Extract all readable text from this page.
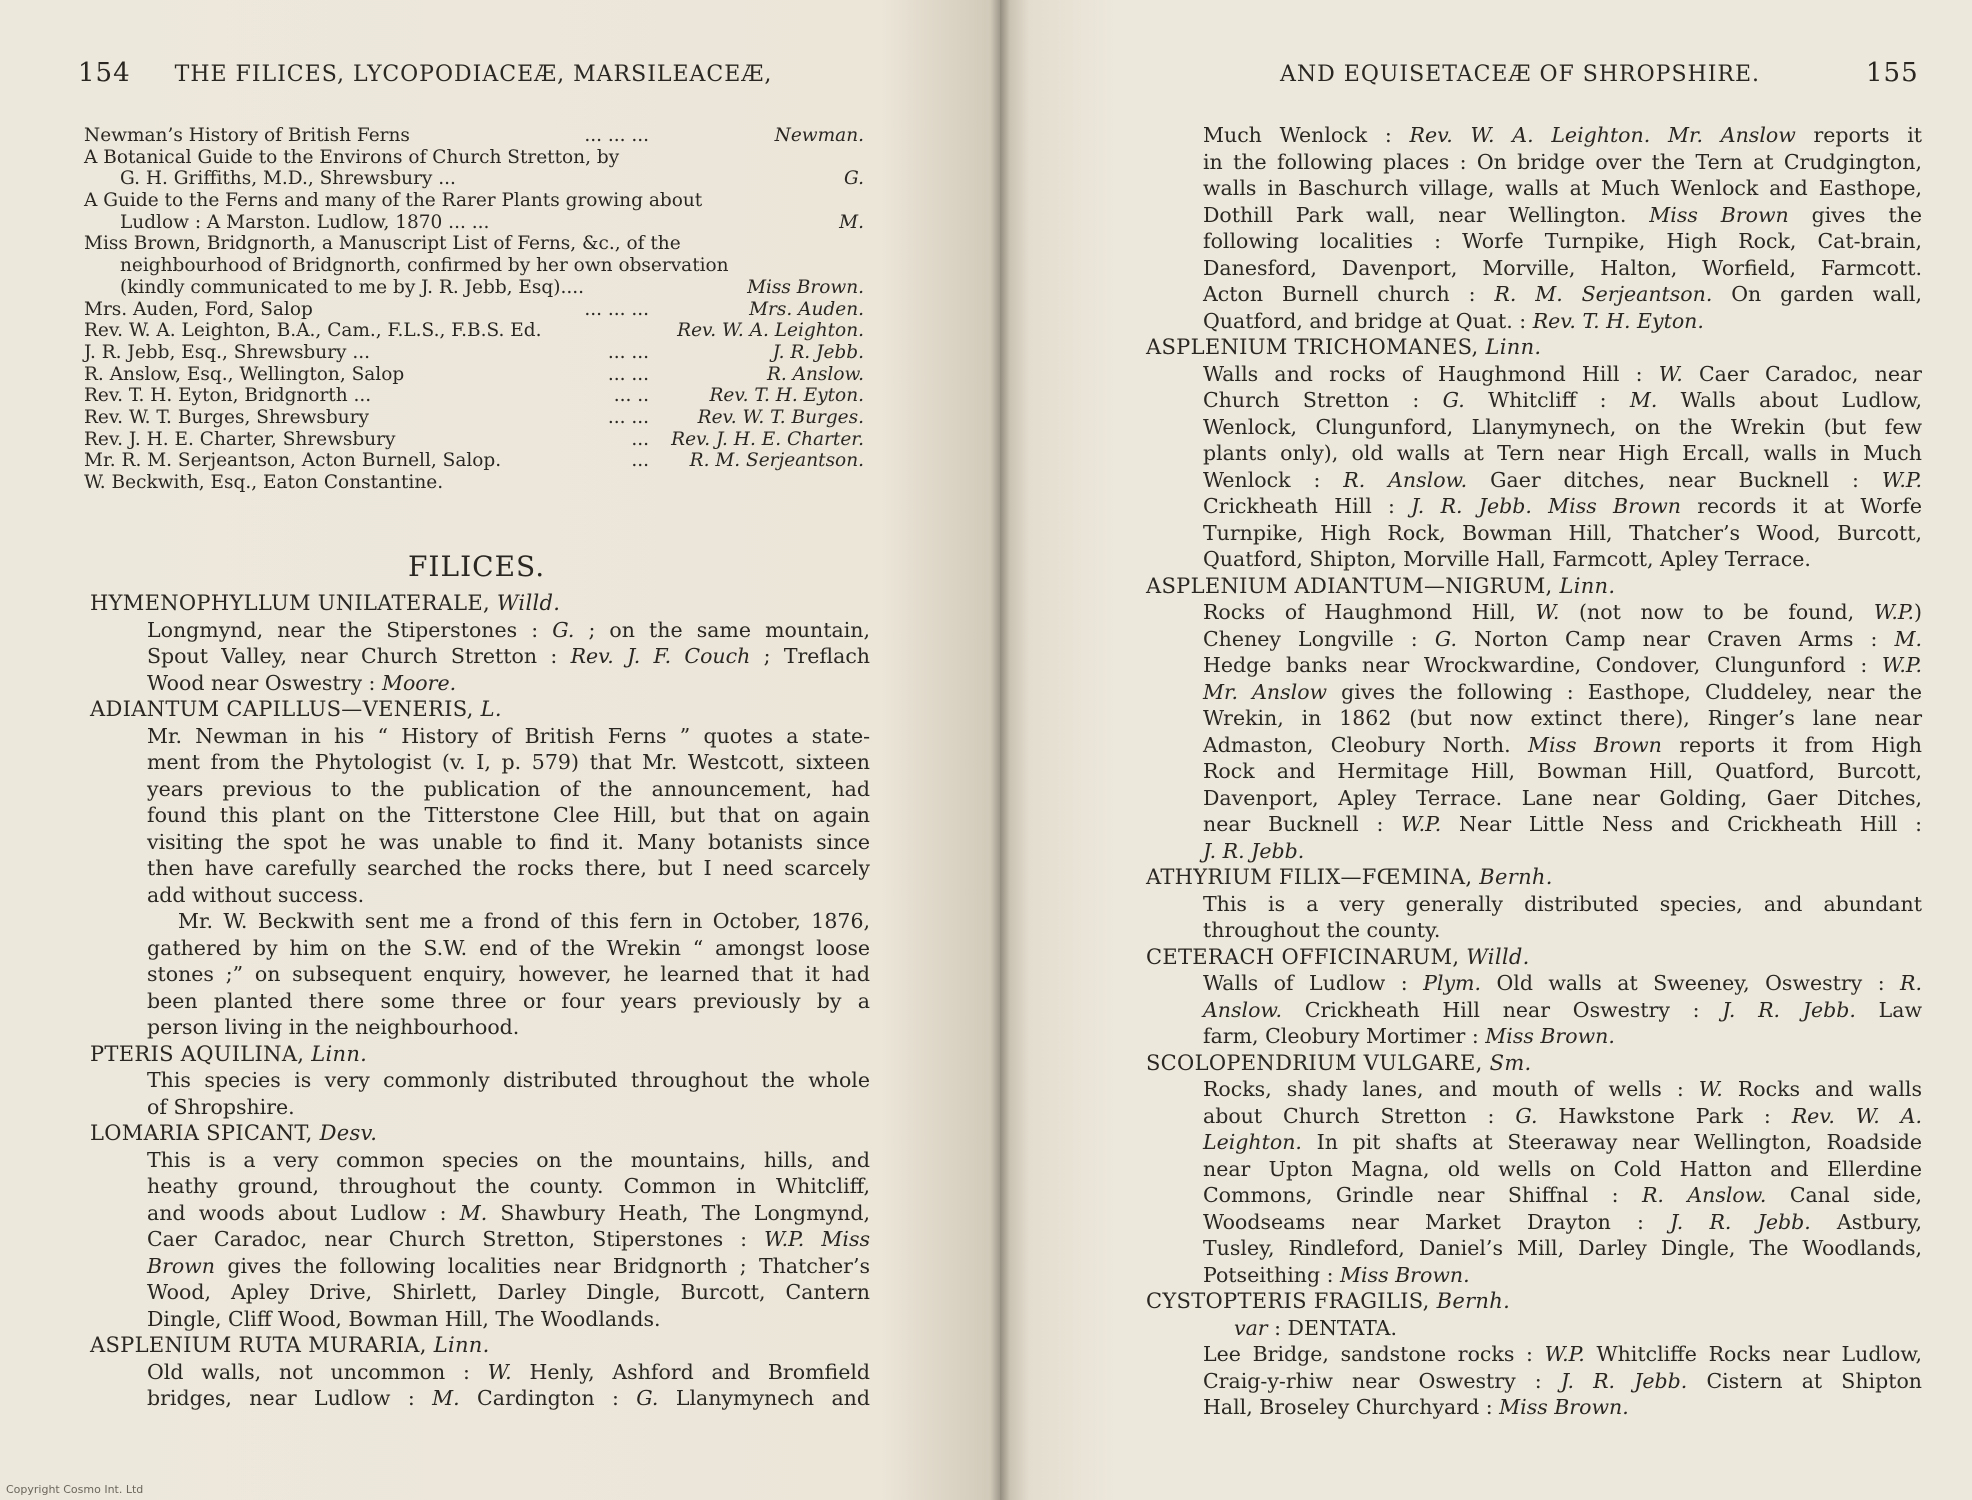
154 THE FILICES, LYCOPODIACEÆ, MARSILEACEÆ,
Newman’s History of British Ferns	... ... ...	Newman.
A Botanical Guide to the Environs of Church Stretton, by
G. H. Griffiths, M.D., Shrewsbury ...	G.
A Guide to the Ferns and many of the Rarer Plants growing about
Ludlow : A Marston. Ludlow, 1870 ... ...	M.
Miss Brown, Bridgnorth, a Manuscript List of Ferns, &c., of the
neighbourhood of Bridgnorth, confirmed by her own observation
(kindly communicated to me by J. R. Jebb, Esq)....	Miss Brown.
Mrs. Auden, Ford, Salop	... ... ...	Mrs. Auden.
Rev. W. A. Leighton, B.A., Cam., F.L.S., F.B.S. Ed.	Rev. W. A. Leighton.
J. R. Jebb, Esq., Shrewsbury ...	... ...	J. R. Jebb.
R. Anslow, Esq., Wellington, Salop	... ...	R. Anslow.
Rev. T. H. Eyton, Bridgnorth ...	... ..	Rev. T. H. Eyton.
Rev. W. T. Burges, Shrewsbury	... ...	Rev. W. T. Burges.
Rev. J. H. E. Charter, Shrewsbury	... Rev. J. H. E. Charter.
Mr. R. M. Serjeantson, Acton Burnell, Salop.	... R. M. Serjeantson.
W. Beckwith, Esq., Eaton Constantine.
FILICES.
HYMENOPHYLLUM UNILATERALE, Willd.
Longmynd, near the Stiperstones : G. ; on the same mountain,
Spout Valley, near Church Stretton : Rev. J. F. Couch ; Treflach
Wood near Oswestry : Moore.
ADIANTUM CAPILLUS—VENERIS, L.
Mr. Newman in his “ History of British Ferns ” quotes a state-
ment from the Phytologist (v. I, p. 579) that Mr. Westcott, sixteen
years previous to the publication of the announcement, had
found this plant on the Titterstone Clee Hill, but that on again
visiting the spot he was unable to find it. Many botanists since
then have carefully searched the rocks there, but I need scarcely
add without success.
Mr. W. Beckwith sent me a frond of this fern in October, 1876,
gathered by him on the S.W. end of the Wrekin “ amongst loose
stones ;” on subsequent enquiry, however, he learned that it had
been planted there some three or four years previously by a
person living in the neighbourhood.
PTERIS AQUILINA, Linn.
This species is very commonly distributed throughout the whole
of Shropshire.
LOMARIA SPICANT, Desv.
This is a very common species on the mountains, hills, and
heathy ground, throughout the county. Common in Whitcliff,
and woods about Ludlow : M. Shawbury Heath, The Longmynd,
Caer Caradoc, near Church Stretton, Stiperstones : W.P. Miss
Brown gives the following localities near Bridgnorth ; Thatcher’s
Wood, Apley Drive, Shirlett, Darley Dingle, Burcott, Cantern
Dingle, Cliff Wood, Bowman Hill, The Woodlands.
ASPLENIUM RUTA MURARIA, Linn.
Old walls, not uncommon : W. Henly, Ashford and Bromfield
bridges, near Ludlow : M. Cardington : G. Llanymynech and
AND EQUISETACEÆ OF SHROPSHIRE.	155
Much Wenlock : Rev. W. A. Leighton. Mr. Anslow reports it
in the following places : On bridge over the Tern at Crudgington,
walls in Baschurch village, walls at Much Wenlock and Easthope,
Dothill Park wall, near Wellington. Miss Brown gives the
following localities : Worfe Turnpike, High Rock, Cat-brain,
Danesford, Davenport, Morville, Halton, Worfield, Farmcott.
Acton Burnell church : R. M. Serjeantson. On garden wall,
Quatford, and bridge at Quat. : Rev. T. H. Eyton.
ASPLENIUM TRICHOMANES, Linn.
Walls and rocks of Haughmond Hill : W. Caer Caradoc, near
Church Stretton : G. Whitcliff : M. Walls about Ludlow,
Wenlock, Clungunford, Llanymynech, on the Wrekin (but few
plants only), old walls at Tern near High Ercall, walls in Much
Wenlock : R. Anslow. Gaer ditches, near Bucknell : W.P.
Crickheath Hill : J. R. Jebb. Miss Brown records it at Worfe
Turnpike, High Rock, Bowman Hill, Thatcher’s Wood, Burcott,
Quatford, Shipton, Morville Hall, Farmcott, Apley Terrace.
ASPLENIUM ADIANTUM—NIGRUM, Linn.
Rocks of Haughmond Hill, W. (not now to be found, W.P.)
Cheney Longville : G. Norton Camp near Craven Arms : M.
Hedge banks near Wrockwardine, Condover, Clungunford : W.P.
Mr. Anslow gives the following : Easthope, Cluddeley, near the
Wrekin, in 1862 (but now extinct there), Ringer’s lane near
Admaston, Cleobury North. Miss Brown reports it from High
Rock and Hermitage Hill, Bowman Hill, Quatford, Burcott,
Davenport, Apley Terrace. Lane near Golding, Gaer Ditches,
near Bucknell : W.P. Near Little Ness and Crickheath Hill :
J. R. Jebb.
ATHYRIUM FILIX—FŒMINA, Bernh.
This is a very generally distributed species, and abundant
throughout the county.
CETERACH OFFICINARUM, Willd.
Walls of Ludlow : Plym. Old walls at Sweeney, Oswestry : R.
Anslow. Crickheath Hill near Oswestry : J. R. Jebb. Law
farm, Cleobury Mortimer : Miss Brown.
SCOLOPENDRIUM VULGARE, Sm.
Rocks, shady lanes, and mouth of wells : W. Rocks and walls
about Church Stretton : G. Hawkstone Park : Rev. W. A.
Leighton. In pit shafts at Steeraway near Wellington, Roadside
near Upton Magna, old wells on Cold Hatton and Ellerdine
Commons, Grindle near Shiffnal : R. Anslow. Canal side,
Woodseams near Market Drayton : J. R. Jebb. Astbury,
Tusley, Rindleford, Daniel’s Mill, Darley Dingle, The Woodlands,
Potseithing : Miss Brown.
CYSTOPTERIS FRAGILIS, Bernh.
var : DENTATA.
Lee Bridge, sandstone rocks : W.P. Whitcliffe Rocks near Ludlow,
Craig-y-rhiw near Oswestry : J. R. Jebb. Cistern at Shipton
Hall, Broseley Churchyard : Miss Brown.
Copyright Cosmo Int. Ltd
